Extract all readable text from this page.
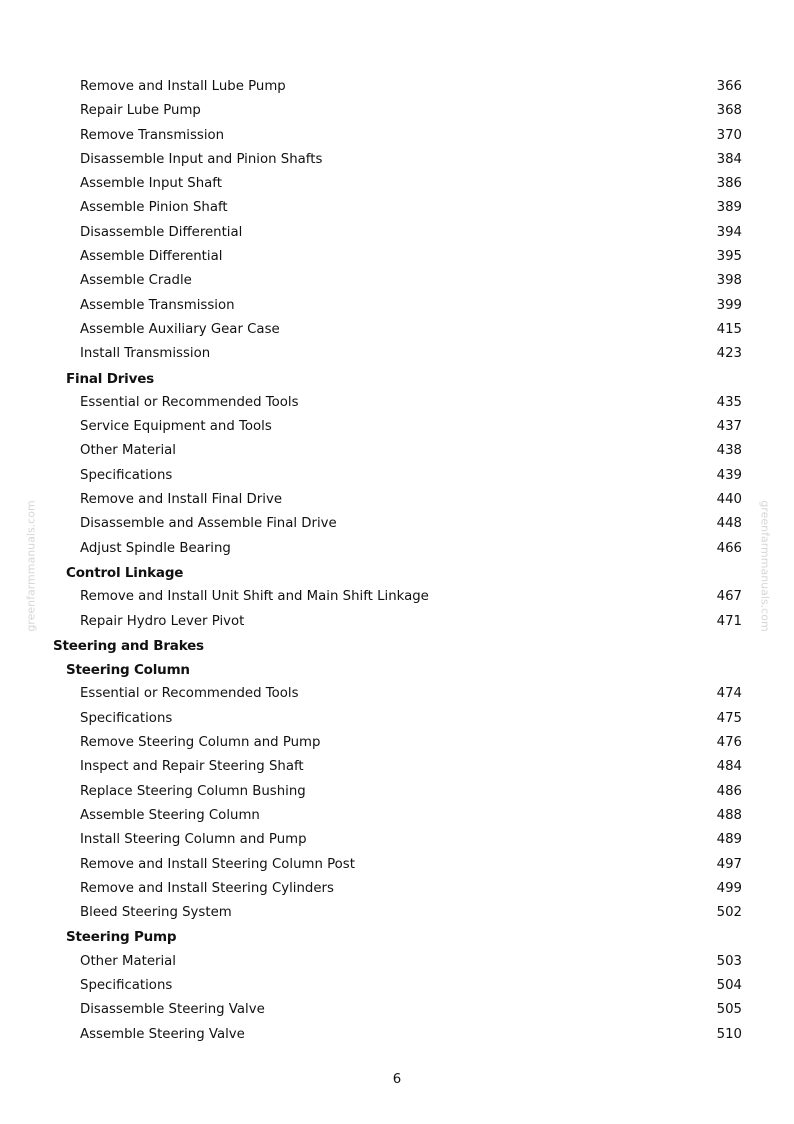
greenfarmmanuals.com	greenfarmmanuals.com
Remove and Install Lube Pump	366
Repair Lube Pump	368
Remove Transmission	370
Disassemble Input and Pinion Shafts	384
Assemble Input Shaft	386
Assemble Pinion Shaft	389
Disassemble Differential	394
Assemble Differential	395
Assemble Cradle	398
Assemble Transmission	399
Assemble Auxiliary Gear Case	415
Install Transmission	423
Final Drives
Essential or Recommended Tools	435
Service Equipment and Tools	437
Other Material	438
Specifications	439
Remove and Install Final Drive	440
Disassemble and Assemble Final Drive	448
Adjust Spindle Bearing	466
Control Linkage
Remove and Install Unit Shift and Main Shift Linkage	467
Repair Hydro Lever Pivot	471
Steering and Brakes
Steering Column
Essential or Recommended Tools	474
Specifications	475
Remove Steering Column and Pump	476
Inspect and Repair Steering Shaft	484
Replace Steering Column Bushing	486
Assemble Steering Column	488
Install Steering Column and Pump	489
Remove and Install Steering Column Post	497
Remove and Install Steering Cylinders	499
Bleed Steering System	502
Steering Pump
Other Material	503
Specifications	504
Disassemble Steering Valve	505
Assemble Steering Valve	510
6
